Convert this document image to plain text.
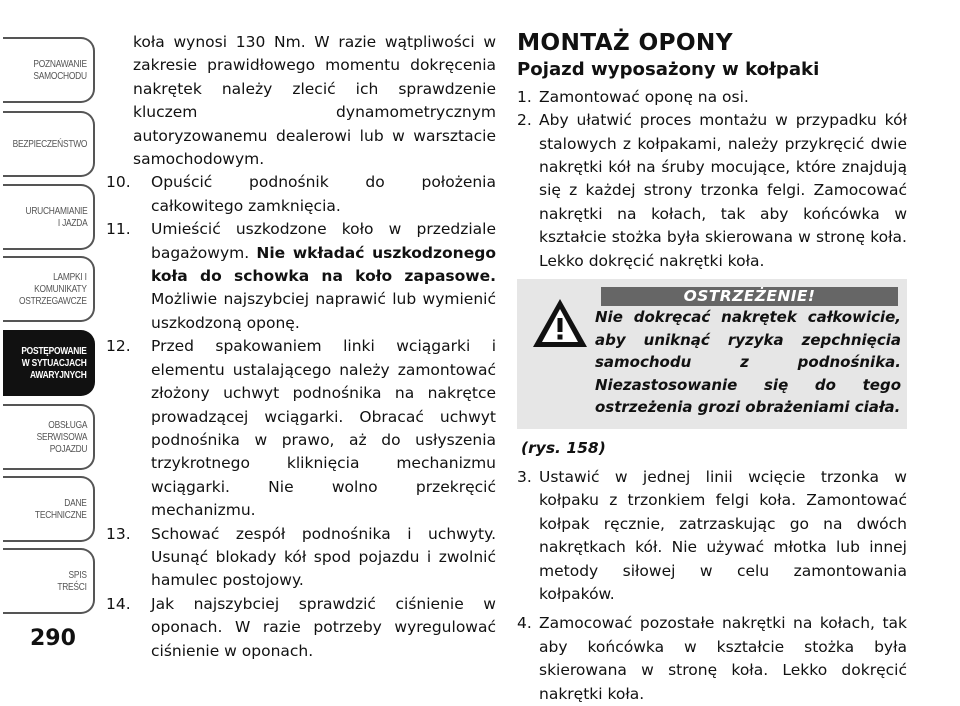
POZNAWANIE
SAMOCHODU
BEZPIECZEŃSTWO
URUCHAMIANIE
I JAZDA
LAMPKI I
KOMUNIKATY
OSTRZEGAWCZE
POSTĘPOWANIE
W SYTUACJACH
AWARYJNYCH
OBSŁUGA
SERWISOWA
POJAZDU
DANE
TECHNICZNE
SPIS
TREŚCI
290

koła wynosi 130 Nm. W razie wątpliwości w zakresie prawidłowego momentu dokręcenia nakrętek należy zlecić ich sprawdzenie kluczem dynamometrycznym autoryzowanemu dealerowi lub w warsztacie samochodowym.

10. Opuścić podnośnik do położenia całkowitego zamknięcia.
11. Umieścić uszkodzone koło w przedziale bagażowym. Nie wkładać uszkodzonego koła do schowka na koło zapasowe. Możliwie najszybciej naprawić lub wymienić uszkodzoną oponę.
12. Przed spakowaniem linki wciągarki i elementu ustalającego należy zamontować złożony uchwyt podnośnika na nakrętce prowadzącej wciągarki. Obracać uchwyt podnośnika w prawo, aż do usłyszenia trzykrotnego kliknięcia mechanizmu wciągarki. Nie wolno przekręcić mechanizmu.
13. Schować zespół podnośnika i uchwyty. Usunąć blokady kół spod pojazdu i zwolnić hamulec postojowy.
14. Jak najszybciej sprawdzić ciśnienie w oponach. W razie potrzeby wyregulować ciśnienie w oponach.
MONTAŻ OPONY
Pojazd wyposażony w kołpaki
1. Zamontować oponę na osi.
2. Aby ułatwić proces montażu w przypadku kół stalowych z kołpakami, należy przykręcić dwie nakrętki kół na śruby mocujące, które znajdują się z każdej strony trzonka felgi. Zamocować nakrętki na kołach, tak aby końcówka w kształcie stożka była skierowana w stronę koła. Lekko dokręcić nakrętki koła.
OSTRZEŻENIE!
Nie dokręcać nakrętek całkowicie, aby uniknąć ryzyka zepchnięcia samochodu z podnośnika. Niezastosowanie się do tego ostrzeżenia grozi obrażeniami ciała.
(rys. 158)
3. Ustawić w jednej linii wcięcie trzonka w kołpaku z trzonkiem felgi koła. Zamontować kołpak ręcznie, zatrzaskując go na dwóch nakrętkach kół. Nie używać młotka lub innej metody siłowej w celu zamontowania kołpaków.
4. Zamocować pozostałe nakrętki na kołach, tak aby końcówka w kształcie stożka była skierowana w stronę koła. Lekko dokręcić nakrętki koła.
